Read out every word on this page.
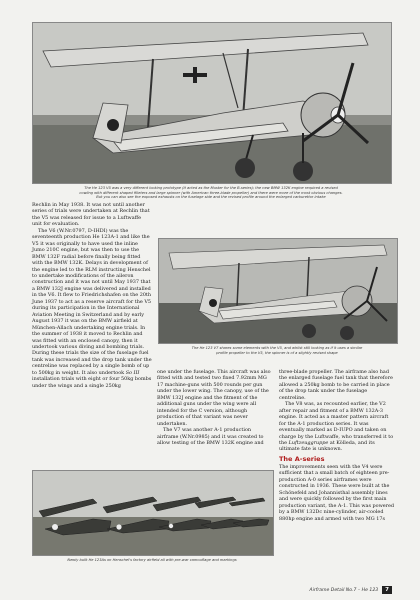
The He 123 V5 was a very different looking prototype (it acted as the Muster for the B-series); the new BMW 132K engine required a revised
cowling with different shaped filleters and large spinner (with American three-blade propeller) and there were more of the most obvious changes.
But you can also see the exposed exhausts on the fuselage side and the revised profile around the enlarged carburettor intake
The He 123 V7 shares some elements with the V5, and whilst still looking as if it uses a similar
profile propeller to the V5, the spinner is of a slightly revised shape

Rechlin in May 1938. It was not until another series of trials were undertaken at Rechlin that the V5 was released for issue to a Luftwaffe unit for evaluation.

The V6 (W.Nr.0797, D-IHDI) was the seventeenth production He 123A-1 and like the V5 it was originally to have used the inline Jumo 210C engine, but was then to use the BMW 132F radial before finally being fitted with the BMW 132K. Delays in development of the engine led to the RLM instructing Henschel to undertake modifications of the aileron construction and it was not until May 1937 that a BMW 132J engine was delivered and installed in the V6. It flew to Friedrichshafen on the 20th June 1937 to act as a reserve aircraft for the V5 during its participation in the International Aviation Meeting in Switzerland and by early August 1937 it was on the BMW airfield at München-Allach undertaking engine trials. In the summer of 1938 it moved to Rechlin and was fitted with an enclosed canopy, then it undertook various diving and bombing trials. During these trials the size of the fuselage fuel tank was increased and the drop tank under the centreline was replaced by a single bomb of up to 500kg in weight. It also undertook So III installation trials with eight or four 50kg bombs under the wings and a single 250kg

one under the fuselage. This aircraft was also fitted with and tested two fixed 7.92mm MG 17 machine-guns with 500 rounds per gun under the lower wing. The canopy, use of the BMW 132J engine and the fitment of the additional guns under the wing were all intended for the C version, although production of that variant was never undertaken.

The V7 was another A-1 production airframe (W.Nr.0985) and it was created to allow testing of the BMW 132K engine and

three-blade propeller. The airframe also had the enlarged fuselage fuel tank that therefore allowed a 250kg bomb to be carried in place of the drop tank under the fuselage centreline.

The V8 was, as recounted earlier, the V2 after repair and fitment of a BMW 132A-3 engine. It acted as a master pattern aircraft for the A-1 production series. It was eventually marked as D-IUPO and taken on charge by the Luftwaffe, who transferred it to the Luftzeuggruppe at Kölleda, and its ultimate fate is unknown.

The A-series

The improvements seen with the V4 were sufficient that a small batch of eighteen pre-production A-0 series airframes were constructed in 1936. These were built at the Schönefeld and Johannisthal assembly lines and were quickly followed by the first main production variant, the A-1. This was powered by a BMW 132Dc nine-cylinder, air-cooled 880hp engine and armed with two MG 17s

Newly built He 123As on Henschel's factory airfield all with pre-war camouflage and markings
Airframe Detail No.7 – He 123	7
